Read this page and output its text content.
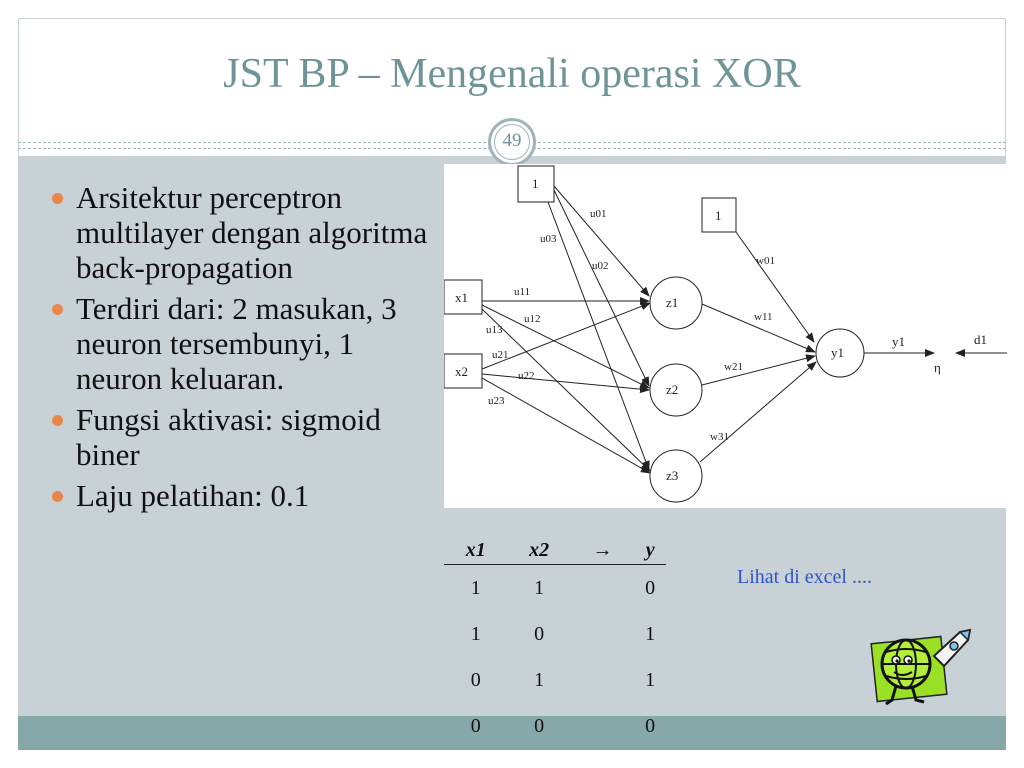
JST BP – Mengenali operasi XOR
49
Arsitektur perceptron multilayer dengan algoritma back-propagation
Terdiri dari: 2 masukan, 3 neuron tersembunyi, 1 neuron keluaran.
Fungsi aktivasi: sigmoid biner
Laju pelatihan: 0.1
1
1
x1
x2
z1
z2
z3
y1
u01
u03
u02
u11
u12
u13
u21
u22
u23
w01
w11
w21
w31
y1	d1
η
x1	x2	→	y
1	1		0
1	0		1
0	1		1
0	0		0
Lihat di excel ....
